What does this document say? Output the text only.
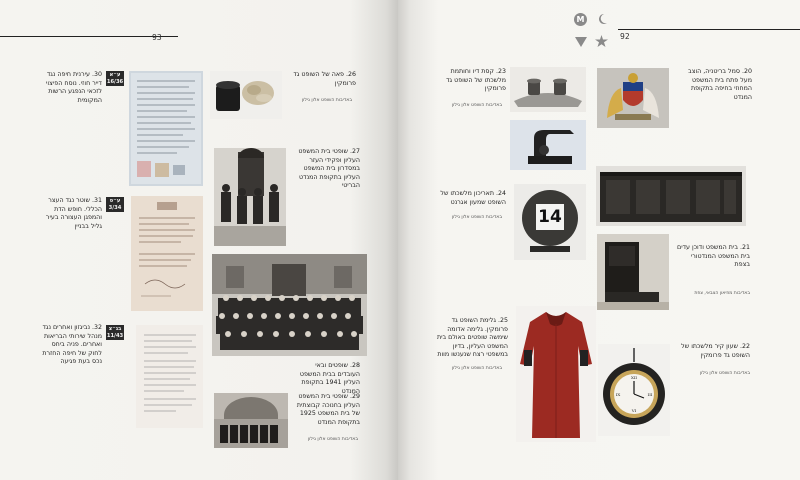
93
ע״א
16/36
30. עירנית חיפה נגד דייר חוזי. נוסח הפיצוי לזכאי הנפגע הרשות המקומית
ע״פ
3/34
31. שוטר נגד העצר הכללי. חופש הדת והמפגן העצורה בעיר גליל בבניין
בג״צ
11/43
32. נביגזון ואחרים נגד מנהל שירותי הבריאות ואחרים. פניה ביחס לחוק של חיפה החזרת נכס בעת פגיעה
26. פאה של השופט גד פרומקין
באדיבות השופט אלון גילון
27. שופטי בית המשפט העליון ופקידי העזר במסדרון בית המשפט העליון בתקופת המנדט הבריטי
28. שופטים ובאי העובדים בבית המשפט העליון 1941 בתקופת המנדט
29. שופטי בית המשפט העליון בחנוכה קבוצתית של בית המשפט 1925 בתקופת המנדט
באדיבות השופט אלון גילון
92
M
23. קסת דיו וחותמת מלשכתו של השופט גד פרומקין
באדיבות השופט אלון גילון
24. תאריכון מלשכתו של השופט שמעון אגרנט
באדיבות השופט אלון גילון 14
25. גלימת השופט גד פרומקין. גלימה אדומה שימשה שופטים באולם בית המשפט העליון, בדיון במשפטי רצח שנענשו מוות
באדיבות השופט אלון גילון
20. סמל בריטניה, הוצב מעל פתח בית המשפט המחוזי בחיפה בתקופת המנדט
21. בית המשפט ודוכן עדים בית המשפט המנדטורי בצפת
באדיבות מוזיאון הצבאי, צפת
XII
III
VI
IX
22. שעון קיר מלשכתו של השופט גד פרומקין
באדיבות השופט אלון גילון
